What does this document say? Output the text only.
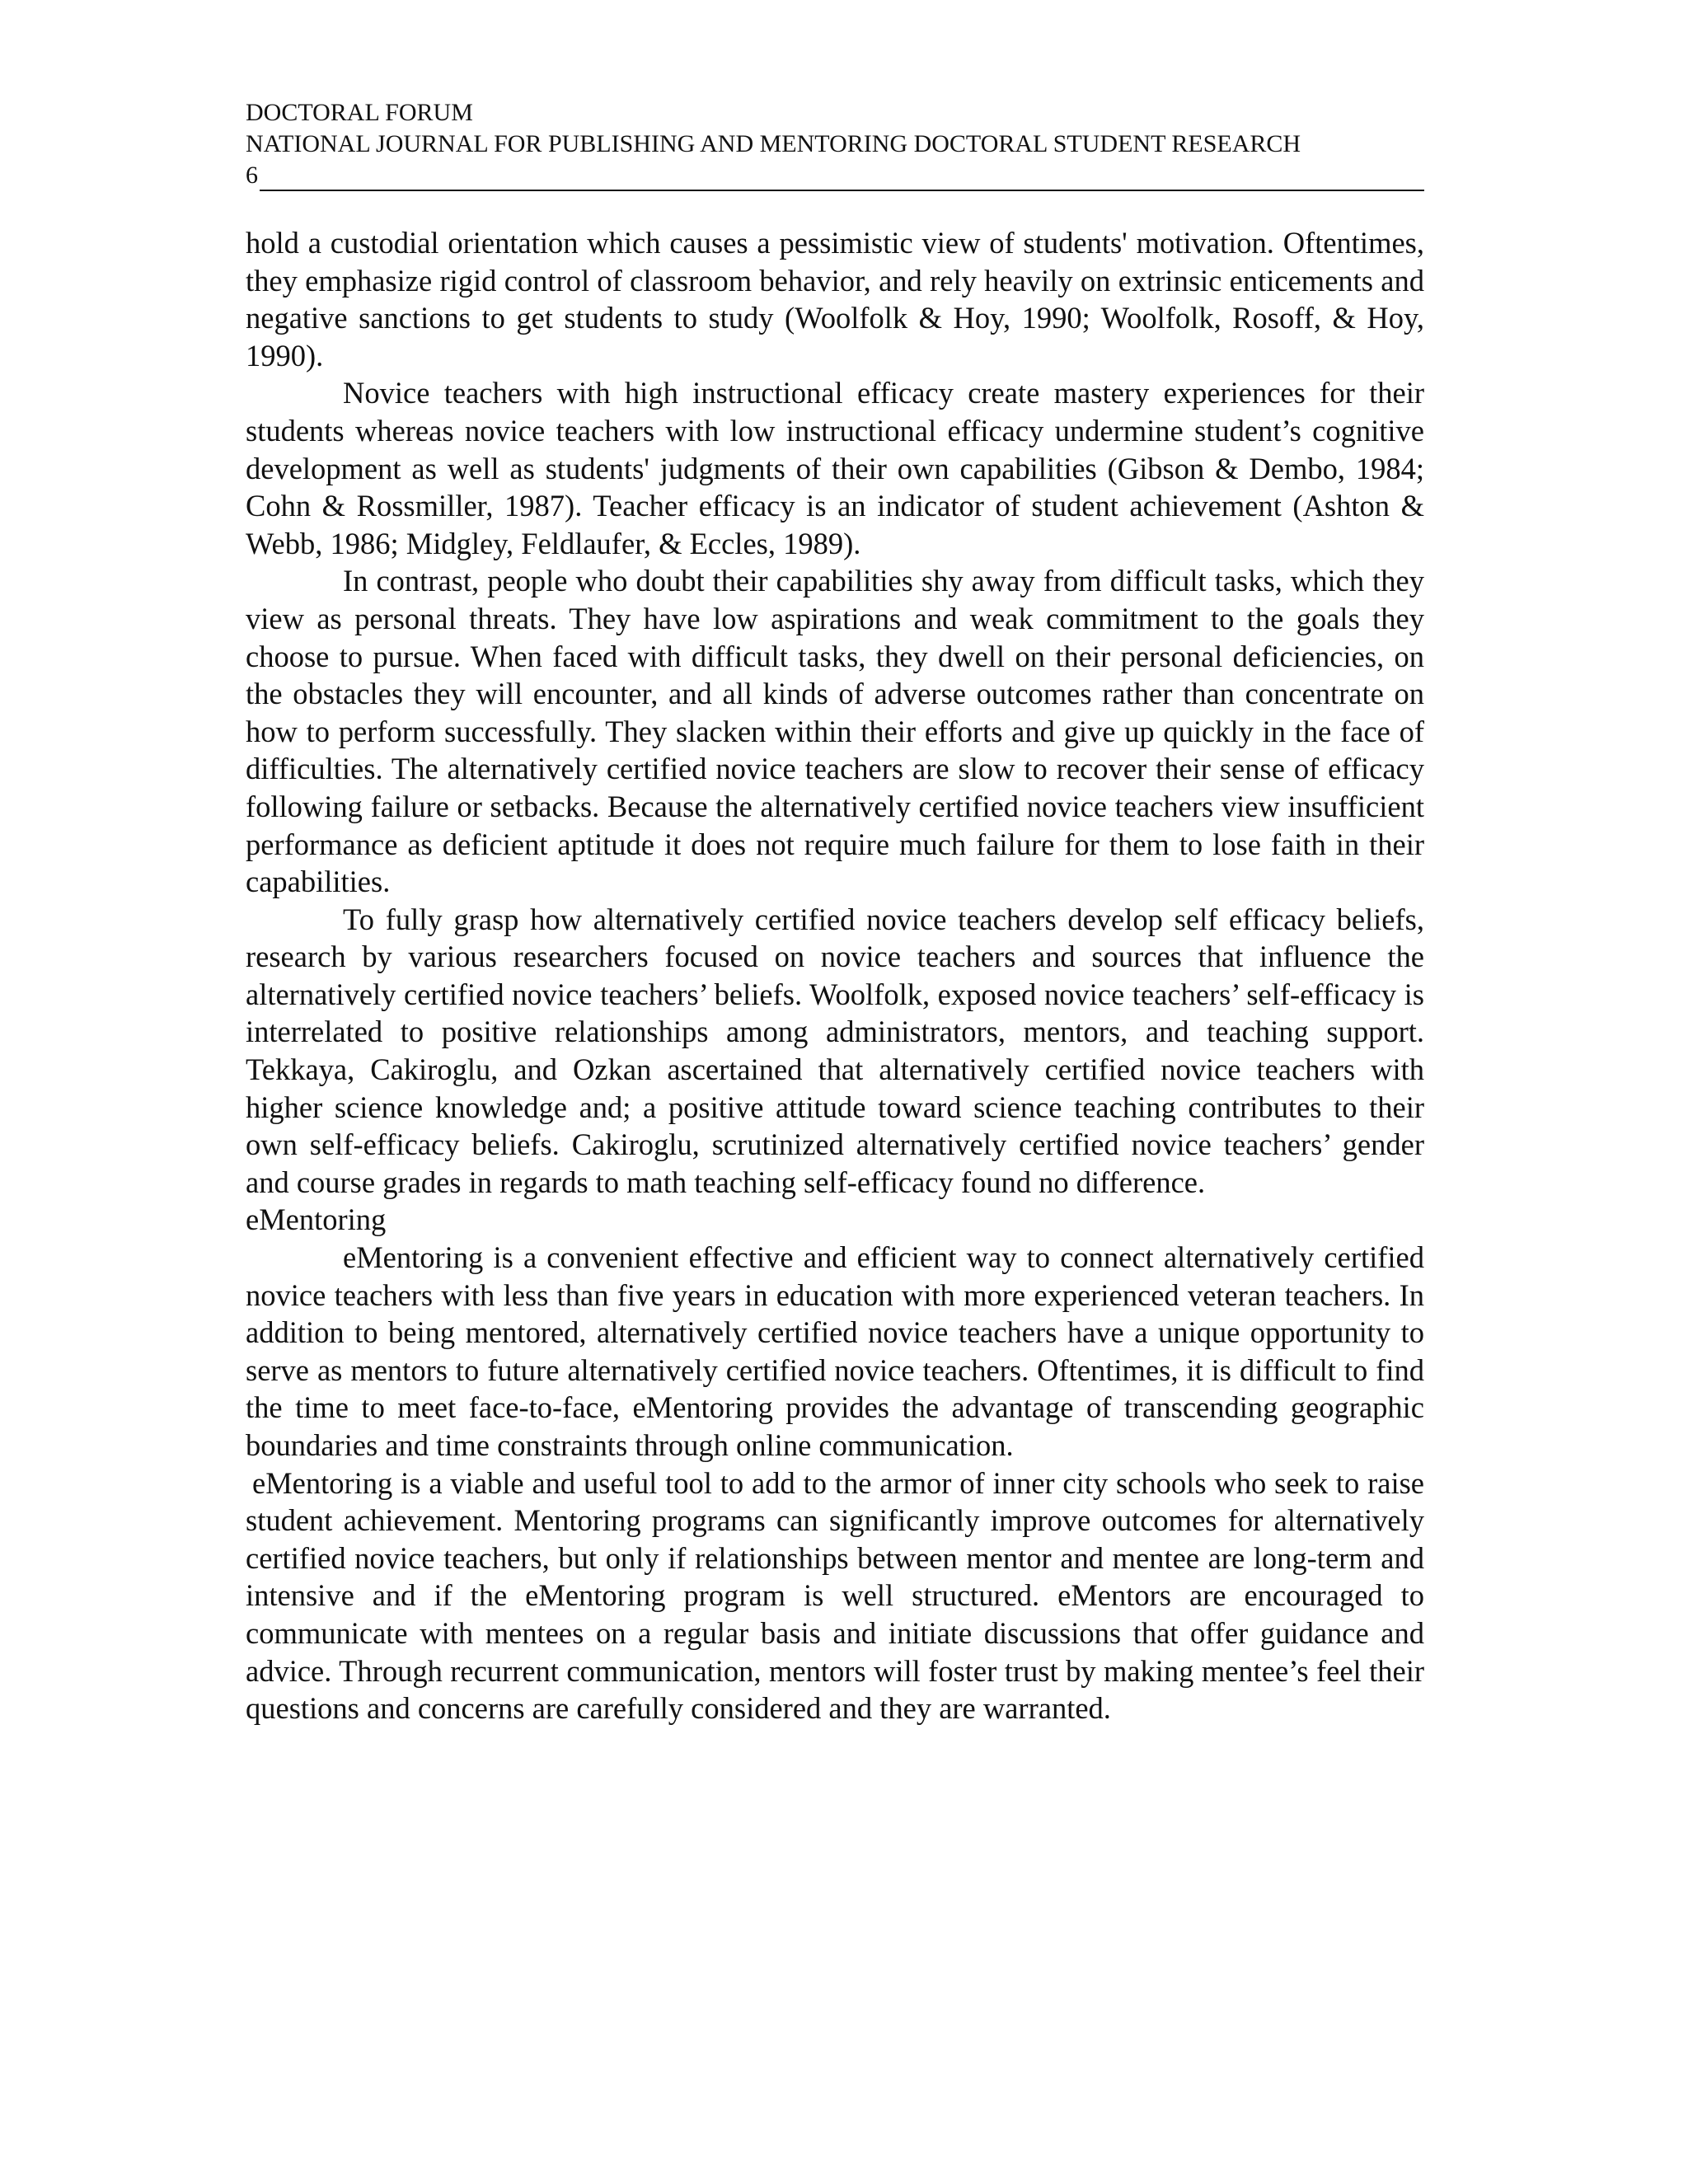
DOCTORAL FORUM
NATIONAL JOURNAL FOR PUBLISHING AND MENTORING DOCTORAL STUDENT RESEARCH
6

hold a custodial orientation which causes a pessimistic view of students' motivation. Oftentimes, they emphasize rigid control of classroom behavior, and rely heavily on extrinsic enticements and negative sanctions to get students to study (Woolfolk & Hoy, 1990; Woolfolk, Rosoff, & Hoy, 1990).

Novice teachers with high instructional efficacy create mastery experiences for their students whereas novice teachers with low instructional efficacy undermine student’s cognitive development as well as students' judgments of their own capabilities (Gibson & Dembo, 1984; Cohn & Rossmiller, 1987). Teacher efficacy is an indicator of student achievement (Ashton & Webb, 1986; Midgley, Feldlaufer, & Eccles, 1989).

In contrast, people who doubt their capabilities shy away from difficult tasks, which they view as personal threats. They have low aspirations and weak commitment to the goals they choose to pursue. When faced with difficult tasks, they dwell on their personal deficiencies, on the obstacles they will encounter, and all kinds of adverse outcomes rather than concentrate on how to perform successfully. They slacken within their efforts and give up quickly in the face of difficulties. The alternatively certified novice teachers are slow to recover their sense of efficacy following failure or setbacks. Because the alternatively certified novice teachers view insufficient performance as deficient aptitude it does not require much failure for them to lose faith in their capabilities.

To fully grasp how alternatively certified novice teachers develop self efficacy beliefs, research by various researchers focused on novice teachers and sources that influence the alternatively certified novice teachers’ beliefs. Woolfolk, exposed novice teachers’ self-efficacy is interrelated to positive relationships among administrators, mentors, and teaching support. Tekkaya, Cakiroglu, and Ozkan ascertained that alternatively certified novice teachers with higher science knowledge and; a positive attitude toward science teaching contributes to their own self-efficacy beliefs. Cakiroglu, scrutinized alternatively certified novice teachers’ gender and course grades in regards to math teaching self-efficacy found no difference.

eMentoring

eMentoring is a convenient effective and efficient way to connect alternatively certified novice teachers with less than five years in education with more experienced veteran teachers. In addition to being mentored, alternatively certified novice teachers have a unique opportunity to serve as mentors to future alternatively certified novice teachers. Oftentimes, it is difficult to find the time to meet face-to-face, eMentoring provides the advantage of transcending geographic boundaries and time constraints through online communication.

eMentoring is a viable and useful tool to add to the armor of inner city schools who seek to raise student achievement. Mentoring programs can significantly improve outcomes for alternatively certified novice teachers, but only if relationships between mentor and mentee are long-term and intensive and if the eMentoring program is well structured. eMentors are encouraged to communicate with mentees on a regular basis and initiate discussions that offer guidance and advice. Through recurrent communication, mentors will foster trust by making mentee’s feel their questions and concerns are carefully considered and they are warranted.
